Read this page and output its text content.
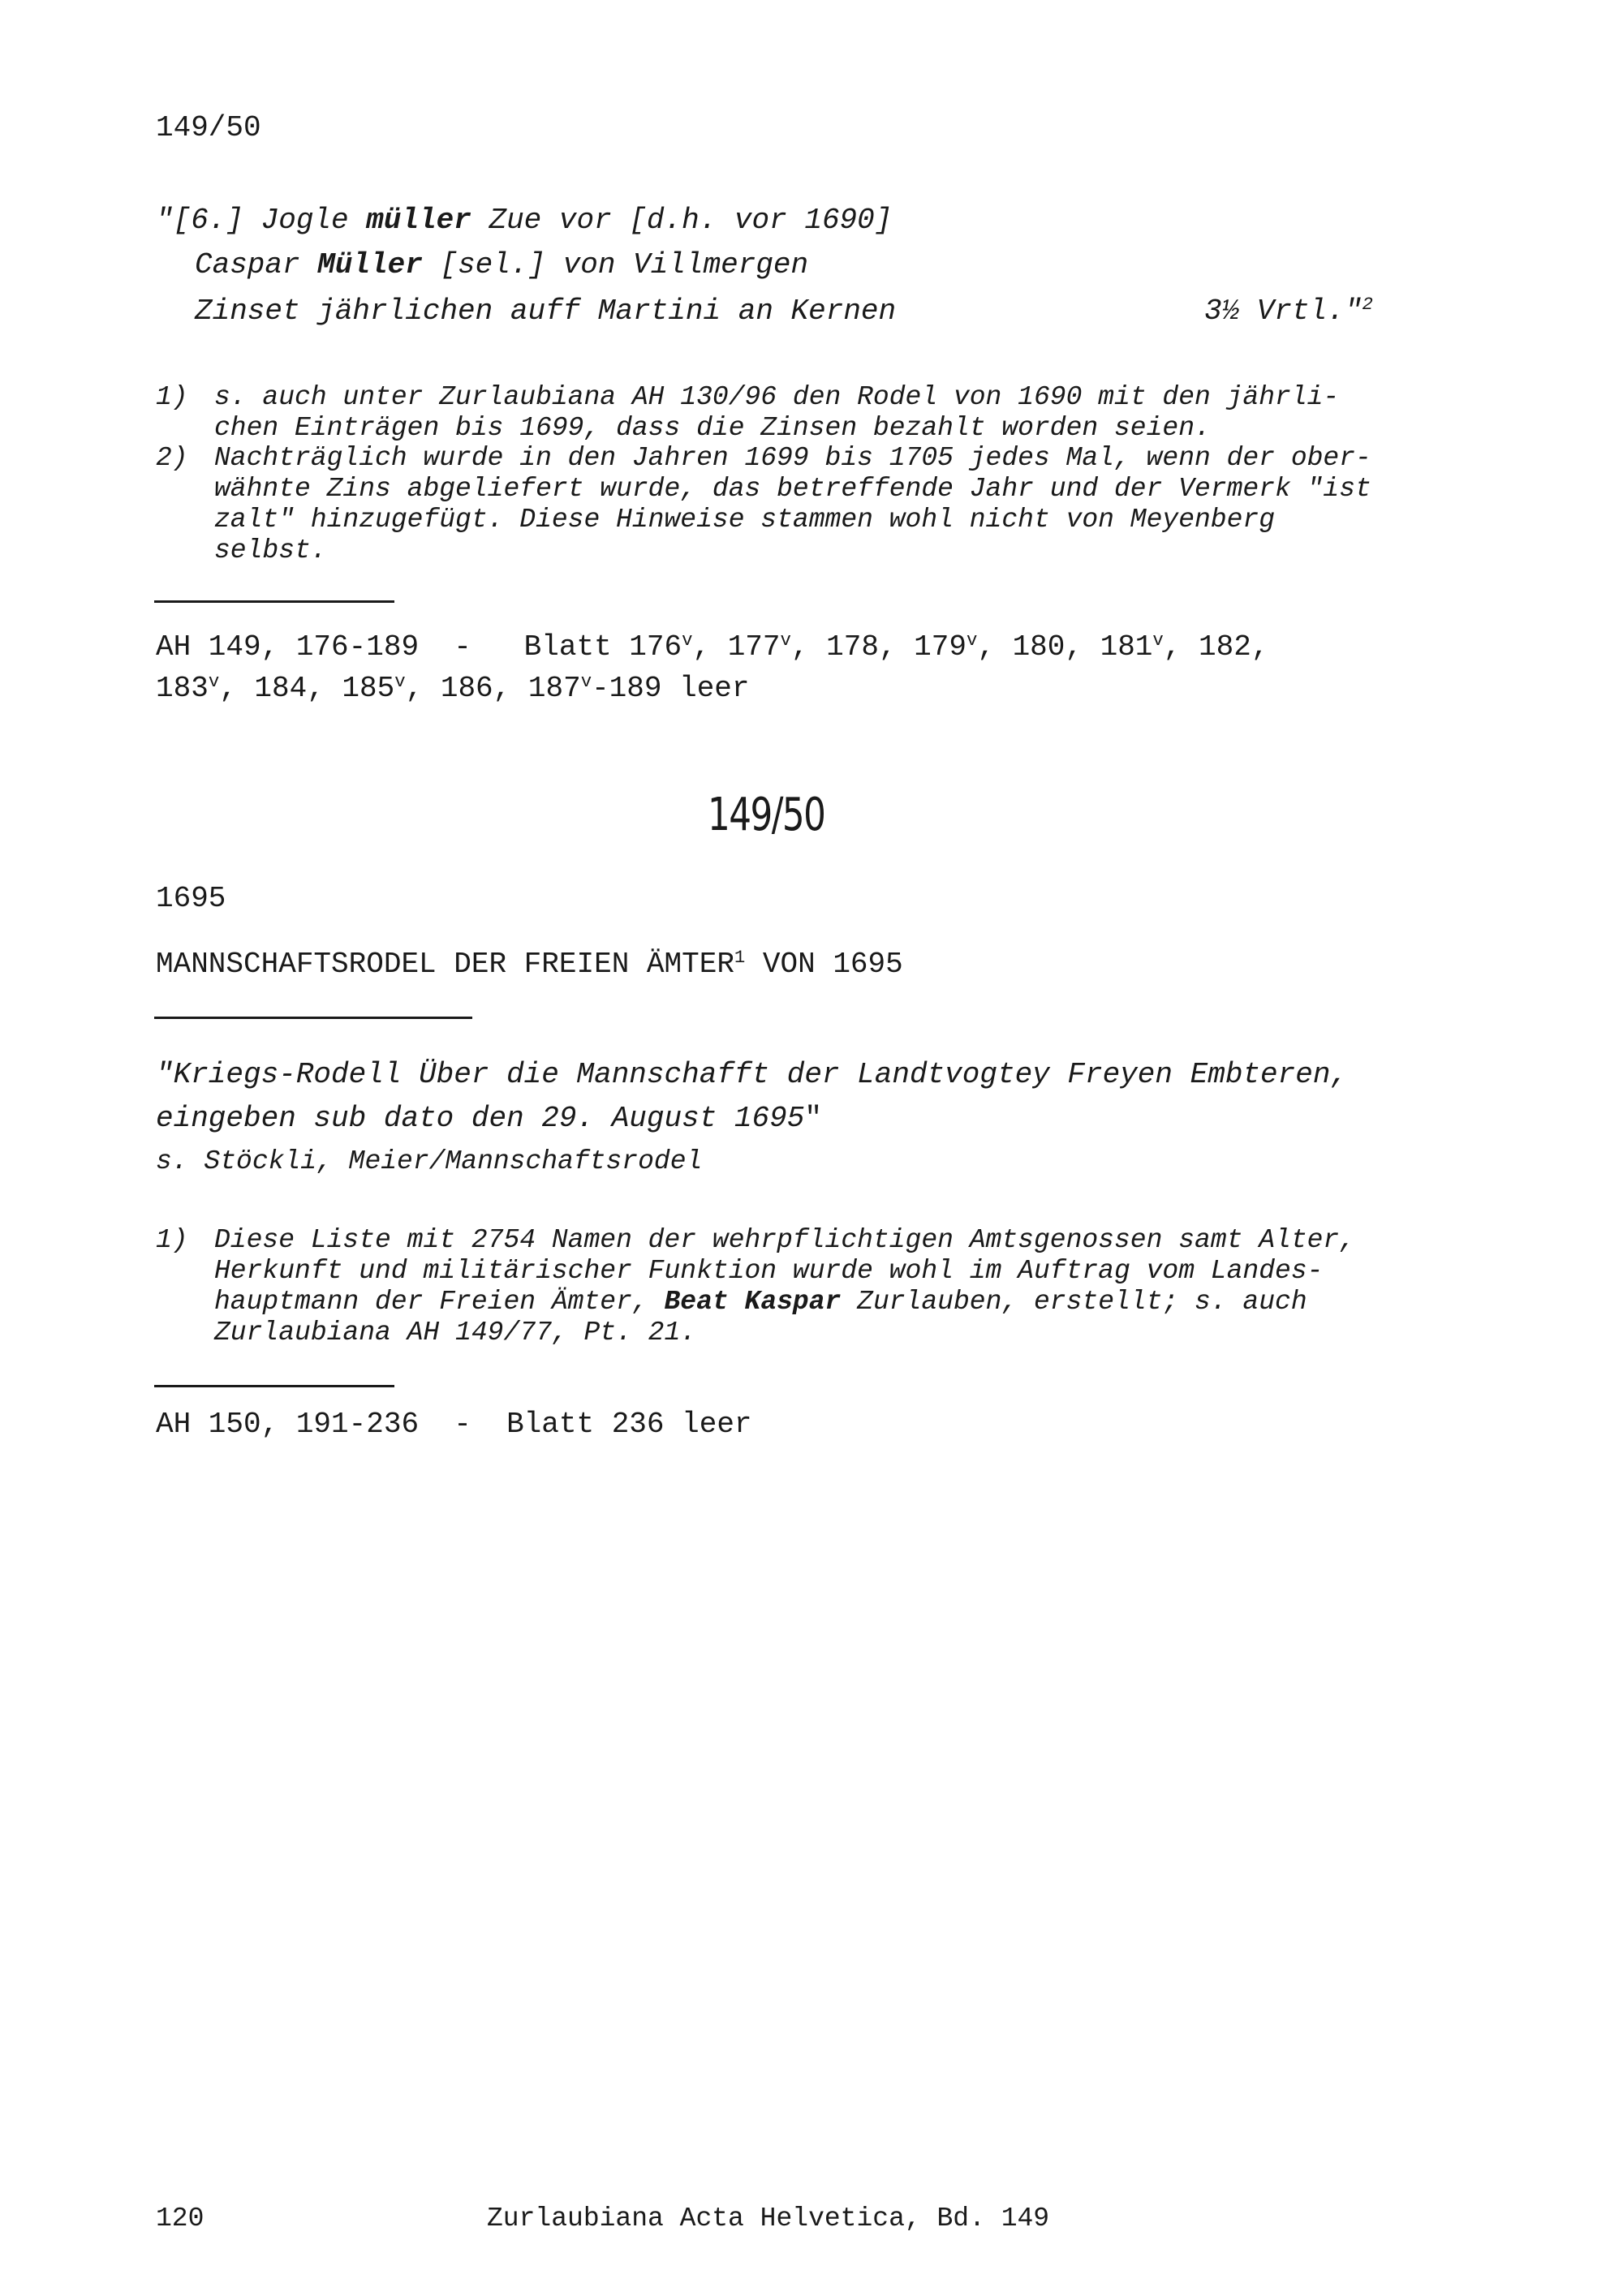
149/50
"[6.] Jogle müller Zue vor [d.h. vor 1690]
Caspar Müller [sel.] von Villmergen
Zinset jährlichen auff Martini an Kernen	3½ Vrtl."$^2$
1) s. auch unter Zurlaubiana AH 130/96 den Rodel von 1690 mit den jährli-
chen Einträgen bis 1699, dass die Zinsen bezahlt worden seien.
2) Nachträglich wurde in den Jahren 1699 bis 1705 jedes Mal, wenn der ober-
wähnte Zins abgeliefert wurde, das betreffende Jahr und der Vermerk "ist
zalt" hinzugefügt. Diese Hinweise stammen wohl nicht von Meyenberg
selbst.
AH 149, 176-189  -   Blatt 176$^v$, 177$^v$, 178, 179$^v$, 180, 181$^v$, 182,
183$^v$, 184, 185$^v$, 186, 187$^v$-189 leer
149/50
1695
MANNSCHAFTSRODEL DER FREIEN ÄMTER$^1$ VON 1695
"Kriegs-Rodell Über die Mannschafft der Landtvogtey Freyen Embteren,
eingeben sub dato den 29. August 1695"
s. Stöckli, Meier/Mannschaftsrodel
1) Diese Liste mit 2754 Namen der wehrpflichtigen Amtsgenossen samt Alter,
Herkunft und militärischer Funktion wurde wohl im Auftrag vom Landes-
hauptmann der Freien Ämter, Beat Kaspar Zurlauben, erstellt; s. auch
Zurlaubiana AH 149/77, Pt. 21.
AH 150, 191-236  -  Blatt 236 leer
120	Zurlaubiana Acta Helvetica, Bd. 149
